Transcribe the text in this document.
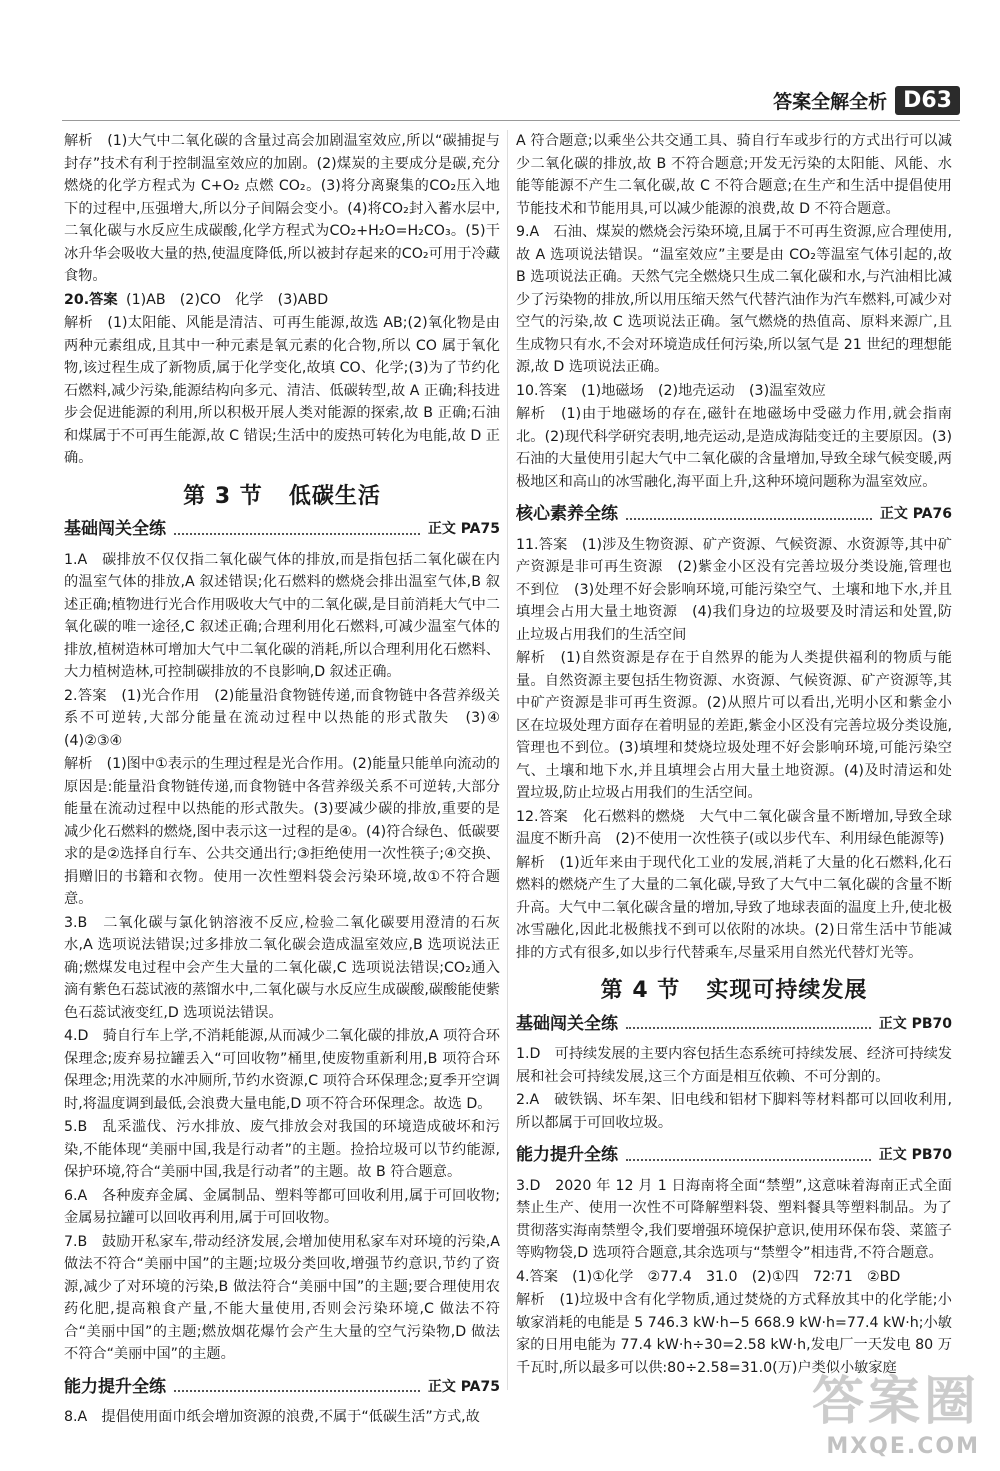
答案全解全析 D63

解析　(1)大气中二氧化碳的含量过高会加剧温室效应,所以“碳捕捉与封存”技术有利于控制温室效应的加剧。(2)煤炭的主要成分是碳,充分燃烧的化学方程式为 C+O₂ 点燃 CO₂。(3)将分离聚集的CO₂压入地下的过程中,压强增大,所以分子间隔会变小。(4)将CO₂封入蓄水层中,二氧化碳与水反应生成碳酸,化学方程式为CO₂+H₂O=H₂CO₃。(5)干冰升华会吸收大量的热,使温度降低,所以被封存起来的CO₂可用于冷藏食物。

20.答案 (1)AB　(2)CO　化学　(3)ABD

解析　(1)太阳能、风能是清洁、可再生能源,故选 AB;(2)氧化物是由两种元素组成,且其中一种元素是氧元素的化合物,所以 CO 属于氧化物,该过程生成了新物质,属于化学变化,故填 CO、化学;(3)为了节约化石燃料,减少污染,能源结构向多元、清洁、低碳转型,故 A 正确;科技进步会促进能源的利用,所以积极开展人类对能源的探索,故 B 正确;石油和煤属于不可再生能源,故 C 错误;生活中的废热可转化为电能,故 D 正确。

第 3 节 低碳生活
基础闯关全练	正文 PA75

1.A　碳排放不仅仅指二氧化碳气体的排放,而是指包括二氧化碳在内的温室气体的排放,A 叙述错误;化石燃料的燃烧会排出温室气体,B 叙述正确;植物进行光合作用吸收大气中的二氧化碳,是目前消耗大气中二氧化碳的唯一途径,C 叙述正确;合理利用化石燃料,可减少温室气体的排放,植树造林可增加大气中二氧化碳的消耗,所以合理利用化石燃料、大力植树造林,可控制碳排放的不良影响,D 叙述正确。

2.答案　(1)光合作用　(2)能量沿食物链传递,而食物链中各营养级关系不可逆转,大部分能量在流动过程中以热能的形式散失　(3)④　(4)②③④

解析　(1)图中①表示的生理过程是光合作用。(2)能量只能单向流动的原因是:能量沿食物链传递,而食物链中各营养级关系不可逆转,大部分能量在流动过程中以热能的形式散失。(3)要减少碳的排放,重要的是减少化石燃料的燃烧,图中表示这一过程的是④。(4)符合绿色、低碳要求的是②选择自行车、公共交通出行;③拒绝使用一次性筷子;④交换、捐赠旧的书籍和衣物。使用一次性塑料袋会污染环境,故①不符合题意。

3.B　二氧化碳与氯化钠溶液不反应,检验二氧化碳要用澄清的石灰水,A 选项说法错误;过多排放二氧化碳会造成温室效应,B 选项说法正确;燃煤发电过程中会产生大量的二氧化碳,C 选项说法错误;CO₂通入滴有紫色石蕊试液的蒸馏水中,二氧化碳与水反应生成碳酸,碳酸能使紫色石蕊试液变红,D 选项说法错误。

4.D　骑自行车上学,不消耗能源,从而减少二氧化碳的排放,A 项符合环保理念;废弃易拉罐丢入“可回收物”桶里,使废物重新利用,B 项符合环保理念;用洗菜的水冲厕所,节约水资源,C 项符合环保理念;夏季开空调时,将温度调到最低,会浪费大量电能,D 项不符合环保理念。故选 D。

5.B　乱采滥伐、污水排放、废气排放会对我国的环境造成破坏和污染,不能体现“美丽中国,我是行动者”的主题。捡拾垃圾可以节约能源,保护环境,符合“美丽中国,我是行动者”的主题。故 B 符合题意。

6.A　各种废弃金属、金属制品、塑料等都可回收利用,属于可回收物;金属易拉罐可以回收再利用,属于可回收物。

7.B　鼓励开私家车,带动经济发展,会增加使用私家车对环境的污染,A 做法不符合“美丽中国”的主题;垃圾分类回收,增强节约意识,节约了资源,减少了对环境的污染,B 做法符合“美丽中国”的主题;要合理使用农药化肥,提高粮食产量,不能大量使用,否则会污染环境,C 做法不符合“美丽中国”的主题;燃放烟花爆竹会产生大量的空气污染物,D 做法不符合“美丽中国”的主题。

能力提升全练	正文 PA75

8.A　提倡使用面巾纸会增加资源的浪费,不属于“低碳生活”方式,故

A 符合题意;以乘坐公共交通工具、骑自行车或步行的方式出行可以减少二氧化碳的排放,故 B 不符合题意;开发无污染的太阳能、风能、水能等能源不产生二氧化碳,故 C 不符合题意;在生产和生活中提倡使用节能技术和节能用具,可以减少能源的浪费,故 D 不符合题意。

9.A　石油、煤炭的燃烧会污染环境,且属于不可再生资源,应合理使用,故 A 选项说法错误。“温室效应”主要是由 CO₂等温室气体引起的,故 B 选项说法正确。天然气完全燃烧只生成二氧化碳和水,与汽油相比减少了污染物的排放,所以用压缩天然气代替汽油作为汽车燃料,可减少对空气的污染,故 C 选项说法正确。氢气燃烧的热值高、原料来源广,且生成物只有水,不会对环境造成任何污染,所以氢气是 21 世纪的理想能源,故 D 选项说法正确。

10.答案　(1)地磁场　(2)地壳运动　(3)温室效应

解析　(1)由于地磁场的存在,磁针在地磁场中受磁力作用,就会指南北。(2)现代科学研究表明,地壳运动,是造成海陆变迁的主要原因。(3)石油的大量使用引起大气中二氧化碳的含量增加,导致全球气候变暖,两极地区和高山的冰雪融化,海平面上升,这种环境问题称为温室效应。

核心素养全练	正文 PA76

11.答案　(1)涉及生物资源、矿产资源、气候资源、水资源等,其中矿产资源是非可再生资源　(2)紫金小区没有完善垃圾分类设施,管理也不到位　(3)处理不好会影响环境,可能污染空气、土壤和地下水,并且填埋会占用大量土地资源　(4)我们身边的垃圾要及时清运和处置,防止垃圾占用我们的生活空间

解析　(1)自然资源是存在于自然界的能为人类提供福利的物质与能量。自然资源主要包括生物资源、水资源、气候资源、矿产资源等,其中矿产资源是非可再生资源。(2)从照片可以看出,光明小区和紫金小区在垃圾处理方面存在着明显的差距,紫金小区没有完善垃圾分类设施,管理也不到位。(3)填埋和焚烧垃圾处理不好会影响环境,可能污染空气、土壤和地下水,并且填埋会占用大量土地资源。(4)及时清运和处置垃圾,防止垃圾占用我们的生活空间。

12.答案　化石燃料的燃烧　大气中二氧化碳含量不断增加,导致全球温度不断升高　(2)不使用一次性筷子(或以步代车、利用绿色能源等)

解析　(1)近年来由于现代化工业的发展,消耗了大量的化石燃料,化石燃料的燃烧产生了大量的二氧化碳,导致了大气中二氧化碳的含量不断升高。大气中二氧化碳含量的增加,导致了地球表面的温度上升,使北极冰雪融化,因此北极熊找不到可以依附的冰块。(2)日常生活中节能减排的方式有很多,如以步行代替乘车,尽量采用自然光代替灯光等。

第 4 节 实现可持续发展
基础闯关全练	正文 PB70

1.D　可持续发展的主要内容包括生态系统可持续发展、经济可持续发展和社会可持续发展,这三个方面是相互依赖、不可分割的。

2.A　破铁锅、坏车架、旧电线和铝材下脚料等材料都可以回收利用,所以都属于可回收垃圾。

能力提升全练	正文 PB70

3.D　2020 年 12 月 1 日海南将全面“禁塑”,这意味着海南正式全面禁止生产、使用一次性不可降解塑料袋、塑料餐具等塑料制品。为了贯彻落实海南禁塑令,我们要增强环境保护意识,使用环保布袋、菜篮子等购物袋,D 选项符合题意,其余选项与“禁塑令”相违背,不符合题意。

4.答案　(1)①化学　②77.4　31.0　(2)①四　72∶71　②BD

解析　(1)垃圾中含有化学物质,通过焚烧的方式释放其中的化学能;小敏家消耗的电能是 5 746.3 kW·h−5 668.9 kW·h=77.4 kW·h;小敏家的日用电能为 77.4 kW·h÷30=2.58 kW·h,发电厂一天发电 80 万千瓦时,所以最多可以供:80÷2.58=31.0(万)户类似小敏家庭

答案圈
MXQE.COM
